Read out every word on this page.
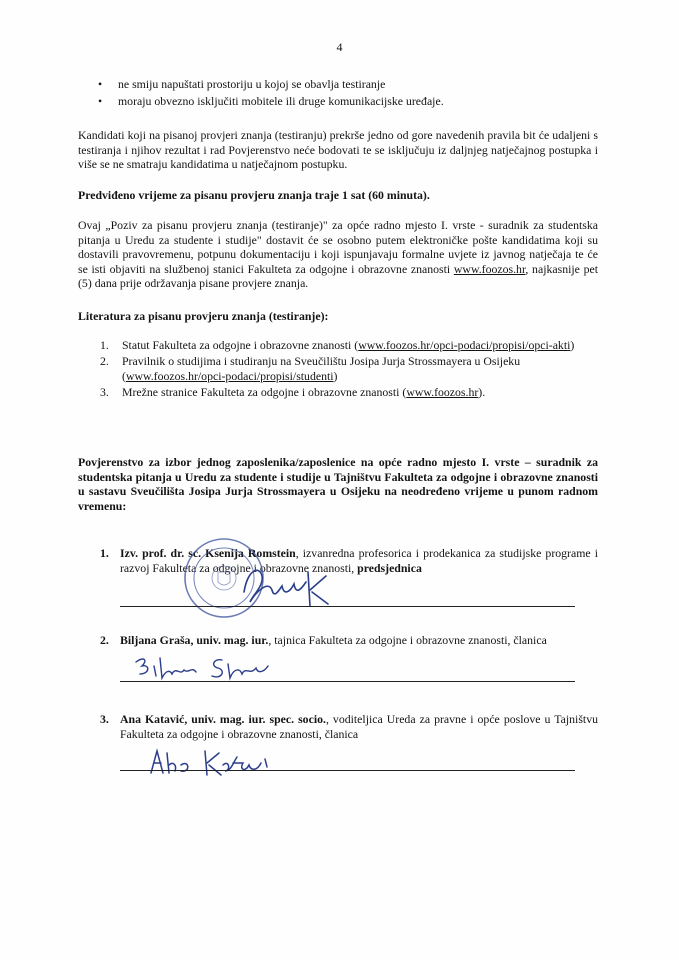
4
• ne smiju napuštati prostoriju u kojoj se obavlja testiranje
• moraju obvezno isključiti mobitele ili druge komunikacijske uređaje.
Kandidati koji na pisanoj provjeri znanja (testiranju) prekrše jedno od gore navedenih pravila bit će udaljeni s testiranja i njihov rezultat i rad Povjerenstvo neće bodovati te se isključuju iz daljnjeg natječajnog postupka i više se ne smatraju kandidatima u natječajnom postupku.
Predviđeno vrijeme za pisanu provjeru znanja traje 1 sat (60 minuta).
Ovaj „Poziv za pisanu provjeru znanja (testiranje)" za opće radno mjesto I. vrste - suradnik za studentska pitanja u Uredu za studente i studije" dostavit će se osobno putem elektroničke pošte kandidatima koji su dostavili pravovremenu, potpunu dokumentaciju i koji ispunjavaju formalne uvjete iz javnog natječaja te će se isti objaviti na službenoj stanici Fakulteta za odgojne i obrazovne znanosti www.foozos.hr, najkasnije pet (5) dana prije održavanja pisane provjere znanja.
Literatura za pisanu provjeru znanja (testiranje):
1. Statut Fakulteta za odgojne i obrazovne znanosti (www.foozos.hr/opci-podaci/propisi/opci-akti)
2. Pravilnik o studijima i studiranju na Sveučilištu Josipa Jurja Strossmayera u Osijeku (www.foozos.hr/opci-podaci/propisi/studenti)
3. Mrežne stranice Fakulteta za odgojne i obrazovne znanosti (www.foozos.hr).
Povjerenstvo za izbor jednog zaposlenika/zaposlenice na opće radno mjesto I. vrste – suradnik za studentska pitanja u Uredu za studente i studije u Tajništvu Fakulteta za odgojne i obrazovne znanosti u sastavu Sveučilišta Josipa Jurja Strossmayera u Osijeku na neodređeno vrijeme u punom radnom vremenu:
1. Izv. prof. dr. sc. Ksenija Romstein, izvanredna profesorica i prodekanica za studijske programe i razvoj Fakulteta za odgojne i obrazovne znanosti, predsjednica
2. Biljana Graša, univ. mag. iur., tajnica Fakulteta za odgojne i obrazovne znanosti, članica
3. Ana Katavić, univ. mag. iur. spec. socio., voditeljica Ureda za pravne i opće poslove u Tajništvu Fakulteta za odgojne i obrazovne znanosti, članica
